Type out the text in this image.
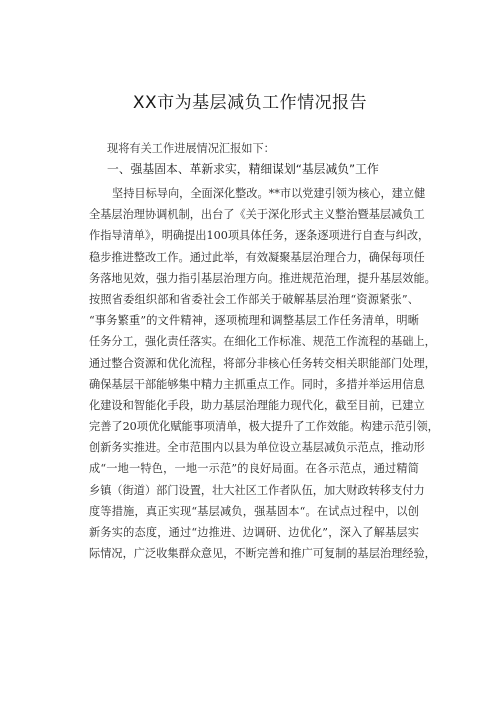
XX市为基层减负工作情况报告
现将有关工作进展情况汇报如下：
一、强基固本、革新求实，精细谋划“基层减负”工作
坚持目标导向，全面深化整改。**市以党建引领为核心，建立健
全基层治理协调机制，出台了《关于深化形式主义整治暨基层减负工
作指导清单》，明确提出100项具体任务，逐条逐项进行自查与纠改，
稳步推进整改工作。通过此举，有效凝聚基层治理合力，确保每项任
务落地见效，强力指引基层治理方向。推进规范治理，提升基层效能。
按照省委组织部和省委社会工作部关于破解基层治理“资源紧张”、
“事务繁重”的文件精神，逐项梳理和调整基层工作任务清单，明晰
任务分工，强化责任落实。在细化工作标准、规范工作流程的基础上，
通过整合资源和优化流程，将部分非核心任务转交相关职能部门处理，
确保基层干部能够集中精力主抓重点工作。同时，多措并举运用信息
化建设和智能化手段，助力基层治理能力现代化，截至目前，已建立
完善了20项优化赋能事项清单，极大提升了工作效能。构建示范引领，
创新务实推进。全市范围内以县为单位设立基层减负示范点，推动形
成“一地一特色，一地一示范”的良好局面。在各示范点，通过精简
乡镇（街道）部门设置，壮大社区工作者队伍，加大财政转移支付力
度等措施，真正实现“基层减负，强基固本“。在试点过程中，以创
新务实的态度，通过“边推进、边调研、边优化”，深入了解基层实
际情况，广泛收集群众意见，不断完善和推广可复制的基层治理经验，
